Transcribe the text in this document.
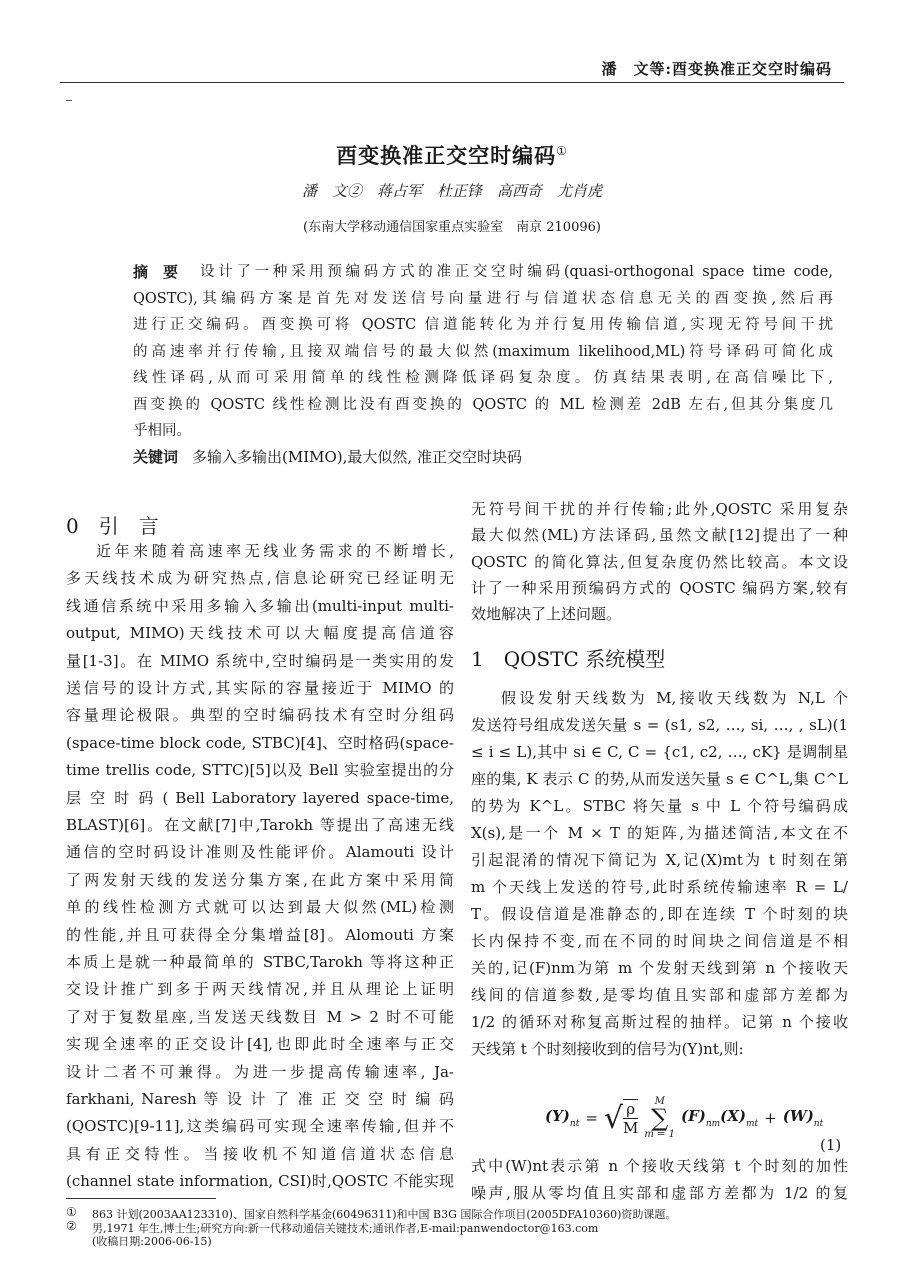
潘　文等:酉变换准正交空时编码
酉变换准正交空时编码①
潘　文②　蒋占军　杜正锋　高西奇　尤肖虎
(东南大学移动通信国家重点实验室　南京 210096)
设计了一种采用预编码方式的准正交空时编码(quasi-orthogonal space time code,
摘　要
QOSTC),其编码方案是首先对发送信号向量进行与信道状态信息无关的酉变换,然后再
进行正交编码。酉变换可将 QOSTC 信道能转化为并行复用传输信道,实现无符号间干扰
的高速率并行传输,且接双端信号的最大似然(maximum likelihood,ML)符号译码可简化成
线性译码,从而可采用简单的线性检测降低译码复杂度。仿真结果表明,在高信噪比下,
酉变换的 QOSTC 线性检测比没有酉变换的 QOSTC 的 ML 检测差 2dB 左右,但其分集度几
乎相同。
关键词 多输入多输出(MIMO),最大似然, 准正交空时块码
0　引　言
近年来随着高速率无线业务需求的不断增长,
多天线技术成为研究热点,信息论研究已经证明无
线通信系统中采用多输入多输出(multi-input multi-
output, MIMO)天线技术可以大幅度提高信道容
量[1-3]。在 MIMO 系统中,空时编码是一类实用的发
送信号的设计方式,其实际的容量接近于 MIMO 的
容量理论极限。典型的空时编码技术有空时分组码
(space-time block code, STBC)[4]、空时格码(space-
time trellis code, STTC)[5]以及 Bell 实验室提出的分
层 空 时 码 ( Bell Laboratory layered space-time,
BLAST)[6]。在文献[7]中,Tarokh 等提出了高速无线
通信的空时码设计准则及性能评价。Alamouti 设计
了两发射天线的发送分集方案,在此方案中采用简
单的线性检测方式就可以达到最大似然(ML)检测
的性能,并且可获得全分集增益[8]。Alomouti 方案
本质上是就一种最简单的 STBC,Tarokh 等将这种正
交设计推广到多于两天线情况,并且从理论上证明
了对于复数星座,当发送天线数目 M > 2 时不可能
实现全速率的正交设计[4],也即此时全速率与正交
设计二者不可兼得。为进一步提高传输速率, Ja-
farkhani, Naresh 等 设 计 了 准 正 交 空 时 编 码
(QOSTC)[9-11],这类编码可实现全速率传输,但并不
具有正交特性。当接收机不知道信道状态信息
(channel state information, CSI)时,QOSTC 不能实现
无符号间干扰的并行传输;此外,QOSTC 采用复杂
最大似然(ML)方法译码,虽然文献[12]提出了一种
QOSTC 的简化算法,但复杂度仍然比较高。本文设
计了一种采用预编码方式的 QOSTC 编码方案,较有
效地解决了上述问题。
假设发射天线数为 M,接收天线数为 N,L 个
发送符号组成发送矢量 s = (s1, s2, …, si, …, , sL)(1
≤ i ≤ L),其中 si ∈ C, C = {c1, c2, …, cK} 是调制星
座的集, K 表示 C 的势,从而发送矢量 s ∈ C^L,集 C^L
的势为 K^L。STBC 将矢量 s 中 L 个符号编码成
X(s),是一个 M × T 的矩阵,为描述简洁,本文在不
引起混淆的情况下简记为 X,记(X)mt为 t 时刻在第
m 个天线上发送的符号,此时系统传输速率 R = L/
T。假设信道是准静态的,即在连续 T 个时刻的块
长内保持不变,而在不同的时间块之间信道是不相
关的,记(F)nm为第 m 个发射天线到第 n 个接收天
线间的信道参数,是零均值且实部和虚部方差都为
1/2 的循环对称复高斯过程的抽样。记第 n 个接收
天线第 t 个时刻接收到的信号为(Y)nt,则:
式中(W)nt表示第 n 个接收天线第 t 个时刻的加性
噪声,服从零均值且实部和虚部方差都为 1/2 的复
1　QOSTC 系统模型
$(Y)_{nt}$ = √ $\frac{\rho}{M}$ M
∑
m = 1
$(F)_{nm}(X)_{mt} + (W)_{nt}$
(1)
① 863 计划(2003AA123310)、国家自然科学基金(60496311)和中国 B3G 国际合作项目(2005DFA10360)资助课题。
② 男,1971 年生,博士生;研究方向:新一代移动通信关键技术;通讯作者,E-mail:panwendoctor@163.com
(收稿日期:2006-06-15)
